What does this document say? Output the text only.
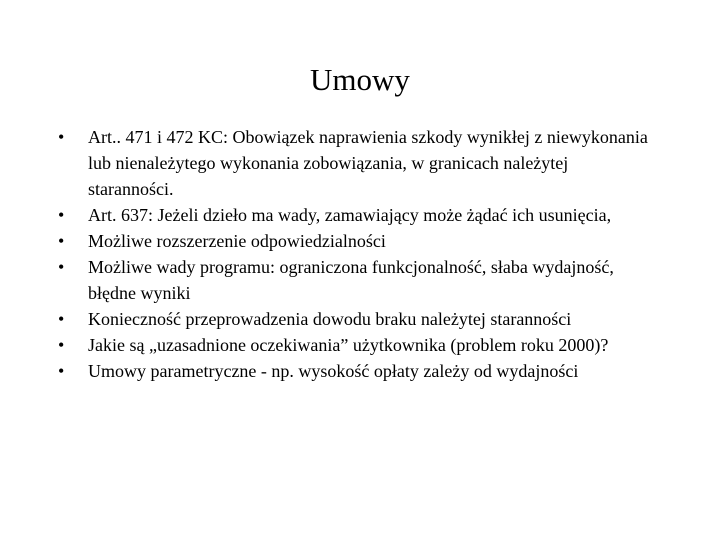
Umowy
•	Art.. 471 i 472 KC: Obowiązek naprawienia szkody wynikłej z niewykonania lub nienależytego wykonania zobowiązania, w granicach należytej staranności.
•	Art. 637: Jeżeli dzieło ma wady, zamawiający może żądać ich usunięcia,
•	Możliwe rozszerzenie odpowiedzialności
•	Możliwe wady programu: ograniczona funkcjonalność, słaba wydajność, błędne wyniki
•	Konieczność przeprowadzenia dowodu braku należytej staranności
•	Jakie są „uzasadnione oczekiwania” użytkownika (problem roku 2000)?
•	Umowy parametryczne - np. wysokość opłaty zależy od wydajności
